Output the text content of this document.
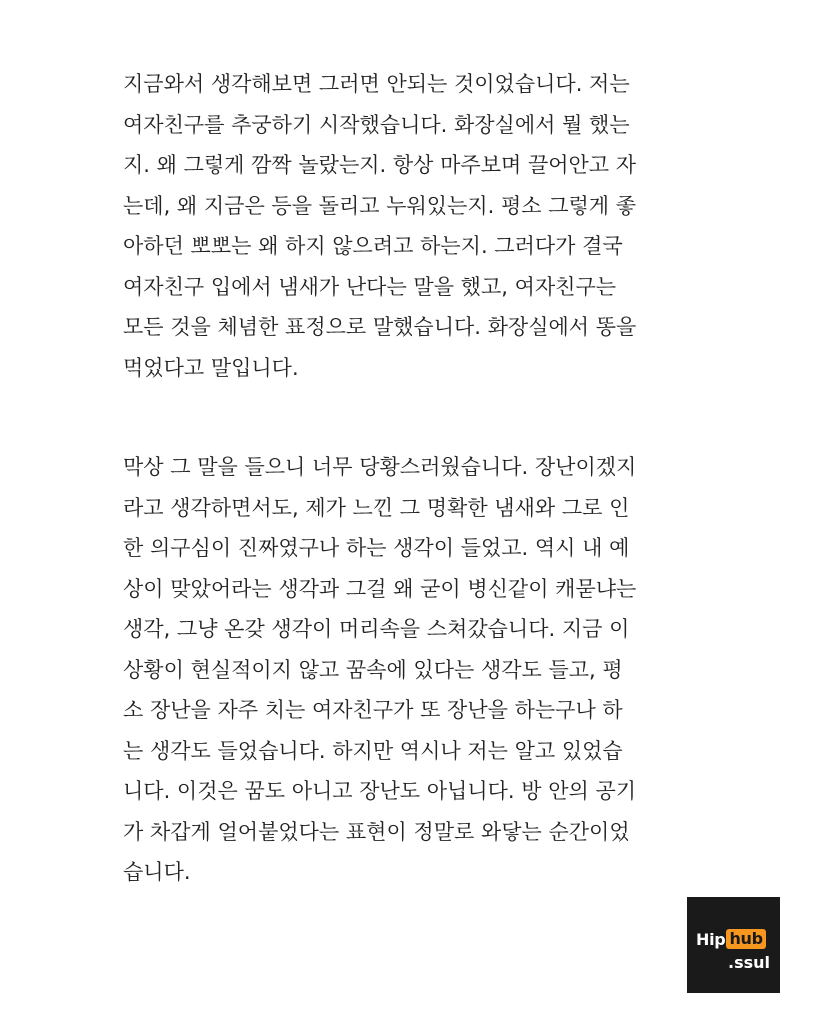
지금와서 생각해보면 그러면 안되는 것이었습니다. 저는
여자친구를 추궁하기 시작했습니다. 화장실에서 뭘 했는
지. 왜 그렇게 깜짝 놀랐는지. 항상 마주보며 끌어안고 자
는데, 왜 지금은 등을 돌리고 누워있는지. 평소 그렇게 좋
아하던 뽀뽀는 왜 하지 않으려고 하는지. 그러다가 결국
여자친구 입에서 냄새가 난다는 말을 했고, 여자친구는
모든 것을 체념한 표정으로 말했습니다. 화장실에서 똥을
먹었다고 말입니다.

막상 그 말을 들으니 너무 당황스러웠습니다. 장난이겠지
라고 생각하면서도, 제가 느낀 그 명확한 냄새와 그로 인
한 의구심이 진짜였구나 하는 생각이 들었고. 역시 내 예
상이 맞았어라는 생각과 그걸 왜 굳이 병신같이 캐묻냐는
생각, 그냥 온갖 생각이 머리속을 스쳐갔습니다. 지금 이
상황이 현실적이지 않고 꿈속에 있다는 생각도 들고, 평
소 장난을 자주 치는 여자친구가 또 장난을 하는구나 하
는 생각도 들었습니다. 하지만 역시나 저는 알고 있었습
니다. 이것은 꿈도 아니고 장난도 아닙니다. 방 안의 공기
가 차갑게 얼어붙었다는 표현이 정말로 와닿는 순간이었
습니다.

Hip hub
.ssul
